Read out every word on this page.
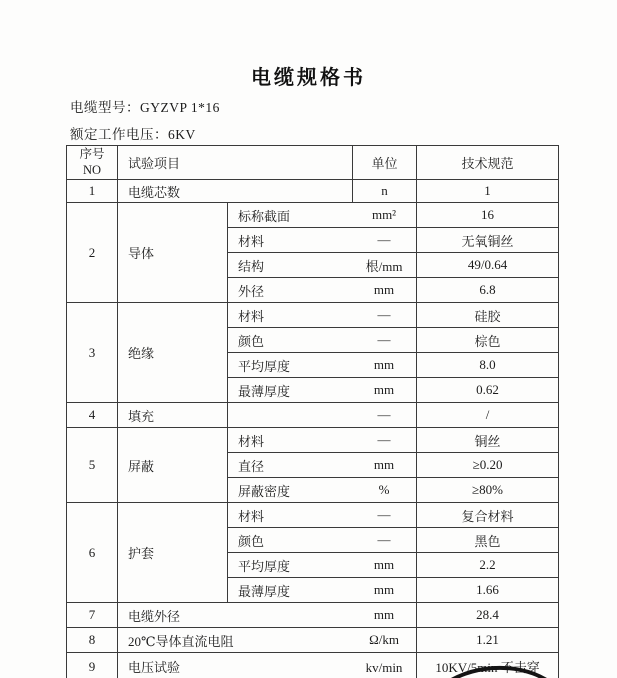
电缆规格书
电缆型号：GYZVP 1*16
额定工作电压：6KV
序号
NO	试验项目		单位	技术规范
1	电缆芯数		n	1
2	导体	标称截面 mm²		16

		材料 —		无氧铜丝

		结构 根/mm		49/0.64

		外径 mm		6.8
3	绝缘	材料 —		硅胶

		颜色 —		棕色

		平均厚度 mm		8.0

		最薄厚度 mm		0.62
4	填充	—		/
5	屏蔽	材料 —		铜丝

		直径 mm		≥0.20

		屏蔽密度 %		≥80%
6	护套	材料 —		复合材料

		颜色 —		黑色

		平均厚度 mm		2.2

		最薄厚度 mm		1.66
7	电缆外径 mm			28.4
8	20℃导体直流电阻 Ω/km			1.21
9	电压试验 kv/min			10KV/5min 不击穿
